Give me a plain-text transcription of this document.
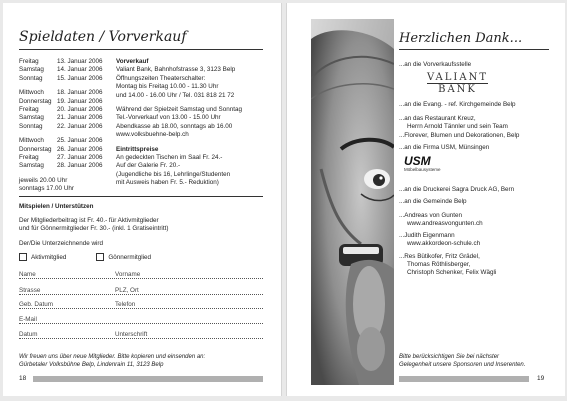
Spieldaten / Vorverkauf
Freitag	13. Januar 2006
Samstag	14. Januar 2006
Sonntag	15. Januar 2006
Mittwoch	18. Januar 2006
Donnerstag 19. Januar 2006
Freitag	20. Januar 2006
Samstag	21. Januar 2006
Sonntag	22. Januar 2006
Mittwoch	25. Januar 2006
Donnerstag 26. Januar 2006
Freitag	27. Januar 2006
Samstag	28. Januar 2006
jeweils 20.00 Uhr
sonntags 17.00 Uhr
Vorverkauf
Valiant Bank, Bahnhofstrasse 3, 3123 Belp
Öffnungszeiten Theaterschalter:
Montag bis Freitag 10.00 - 11.30 Uhr
und 14.00 - 16.00 Uhr / Tel. 031 818 21 72
Während der Spielzeit Samstag und Sonntag
Tel.-Vorverkauf von 13.00 - 15.00 Uhr
Abendkasse ab 18.00, sonntags ab 16.00
www.volksbuehne-belp.ch
Eintrittspreise
An gedeckten Tischen im Saal Fr. 24.-
Auf der Galerie Fr. 20.-
(Jugendliche bis 16, Lehrlinge/Studenten
mit Ausweis haben Fr. 5.- Reduktion)
Mitspielen / Unterstützen
Der Mitgliederbeitrag ist Fr. 40.- für Aktivmitglieder
und für Gönnermitglieder Fr. 30.- (inkl. 1 Gratiseintritt)
Der/Die Unterzeichnende wird
Aktivmitglied	Gönnermitglied
Name	Vorname
Strasse	PLZ, Ort
Geb. Datum	Telefon
E-Mail
Datum	Unterschrift
Wir freuen uns über neue Mitglieder. Bitte kopieren und einsenden an:
Gürbetaler Volksbühne Belp, Lindenrain 11, 3123 Belp
18
Herzlichen Dank...
...an die Vorverkaufsstelle
VALIANT
BANK
...an die Evang. - ref. Kirchgemeinde Belp
...an das Restaurant Kreuz,
Herrn Arnold Tännler und sein Team
...Florever, Blumen und Dekorationen, Belp
...an die Firma USM, Münsingen
USM
Möbelbausysteme
...an die Druckerei Sagra Druck AG, Bern
...an die Gemeinde Belp
...Andreas von Gunten
www.andreasvongunten.ch
...Judith Eigenmann
www.akkordeon-schule.ch
...Res Bütikofer, Fritz Grädel,
Thomas Röthlisberger,
Christoph Schenker, Felix Wägli
Bitte berücksichtigen Sie bei nächster
Gelegenheit unsere Sponsoren und Inserenten.
19
